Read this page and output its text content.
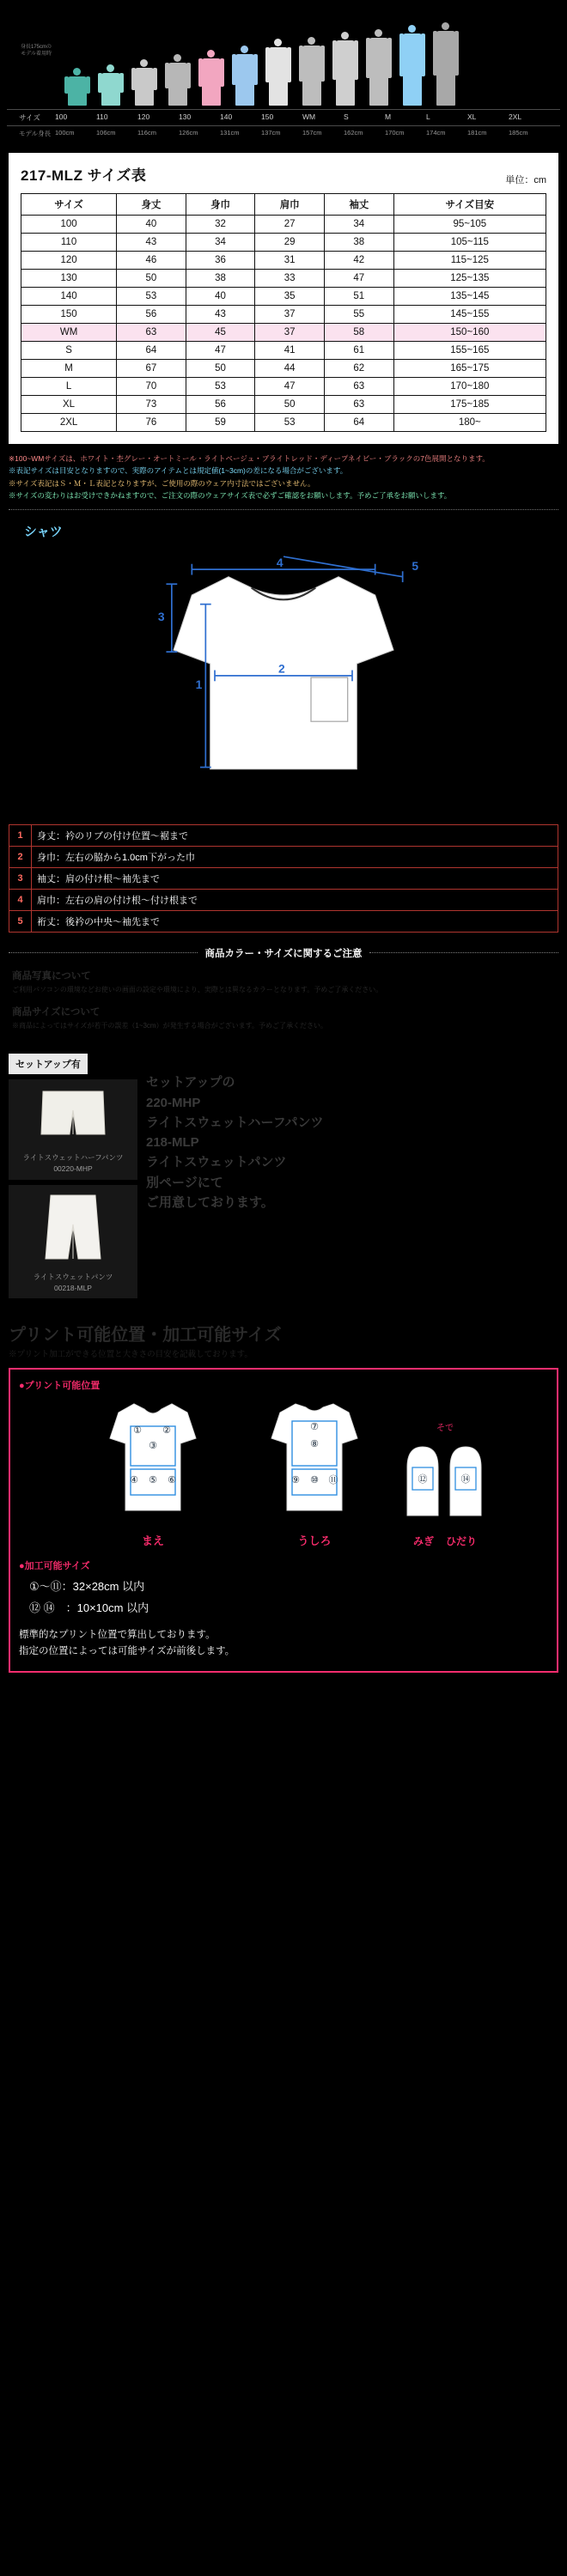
身長175cmの
モデル着用時
サイズ	100	110	120	130	140	150	WM	S	M	L	XL	2XL
モデル身長 100cm	106cm	116cm	126cm	131cm	137cm	157cm	162cm	170cm	174cm	181cm	185cm
217-MLZ サイズ表	単位：cm
サイズ	身丈	身巾	肩巾	袖丈	サイズ目安
100	40	32	27	34	95~105
110	43	34	29	38	105~115
120	46	36	31	42	115~125
130	50	38	33	47	125~135
140	53	40	35	51	135~145
150	56	43	37	55	145~155
WM	63	45	37	58	150~160
S	64	47	41	61	155~165
M	67	50	44	62	165~175
L	70	53	47	63	170~180
XL	73	56	50	63	175~185
2XL	76	59	53	64	180~
※100~WMサイズは、ホワイト・杢グレー・オートミール・ライトベージュ・ブライトレッド・ディープネイビー・ブラックの7色展開となります。
※表記サイズは目安となりますので、実際のアイテムとは規定値(1~3cm)の差になる場合がございます。
※サイズ表記はＳ・Ｍ・Ｌ表記となりますが、ご使用の際のウェア内寸法ではございません。
※サイズの変わりはお受けできかねますので、ご注文の際のウェアサイズ表で必ずご確認をお願いします。予めご了承をお願いします。
シャツ
4
3
2
1
5
1	身丈：衿のリブの付け位置～裾まで
2	身巾：左右の脇から1.0cm下がった巾
3	袖丈：肩の付け根～袖先まで
4	肩巾：左右の肩の付け根～付け根まで
5	裄丈：後衿の中央～袖先まで
商品カラー・サイズに関するご注意
商品写真について

ご利用パソコンの環境などお使いの画面の設定や環境により、実際とは異なるカラーとなります。予めご了承ください。

商品サイズについて

※商品によってはサイズが若干の誤差（1~3cm）が発生する場合がございます。予めご了承ください。

セットアップ有
ライトスウェットハーフパンツ
00220-MHP
ライトスウェットパンツ
00218-MLP
セットアップの
220-MHP
ライトスウェットハーフパンツ
218-MLP
ライトスウェットパンツ
別ページにて
ご用意しております。
プリント可能位置・加工可能サイズ
※プリント加工ができる位置と大きさの目安を記載しております。
●プリント可能位置
① ②
③
④ ⑤ ⑥
まえ
⑦
⑧
⑨ ⑩ ⑪
うしろ
そで
⑫	⑭
みぎ ひだり
●加工可能サイズ
①～⑪：32×28cm 以内
⑫ ⑭　：10×10cm 以内
標準的なプリント位置で算出しております。
指定の位置によっては可能サイズが前後します。
